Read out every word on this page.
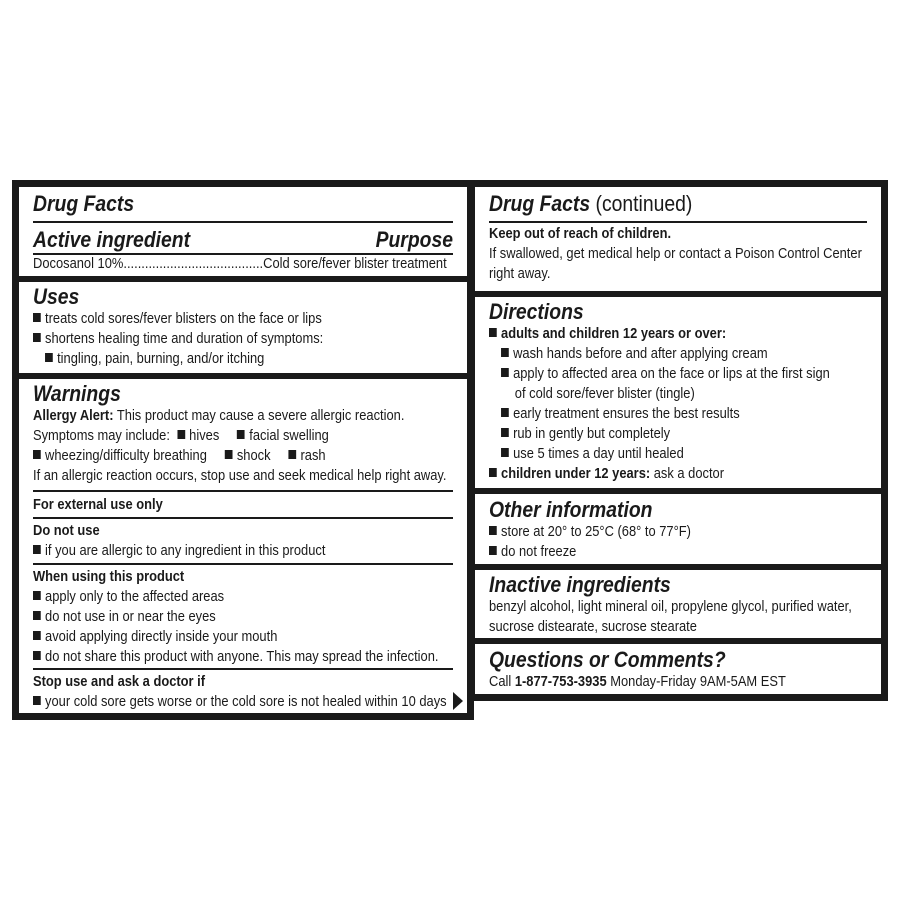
Drug Facts
Active ingredient	Purpose
Docosanol 10%.......................................Cold sore/fever blister treatment
Uses
treats cold sores/fever blisters on the face or lips
shortens healing time and duration of symptoms:
tingling, pain, burning, and/or itching
Warnings
Allergy Alert: This product may cause a severe allergic reaction.
Symptoms may include: hives facial swelling
wheezing/difficulty breathing shock rash
If an allergic reaction occurs, stop use and seek medical help right away.
For external use only
Do not use
if you are allergic to any ingredient in this product
When using this product
apply only to the affected areas
do not use in or near the eyes
avoid applying directly inside your mouth
do not share this product with anyone. This may spread the infection.
Stop use and ask a doctor if
your cold sore gets worse or the cold sore is not healed within 10 days
Drug Facts (continued)
Keep out of reach of children.
If swallowed, get medical help or contact a Poison Control Center
right away.
Directions
adults and children 12 years or over:
wash hands before and after applying cream
apply to affected area on the face or lips at the first sign
of cold sore/fever blister (tingle)
early treatment ensures the best results
rub in gently but completely
use 5 times a day until healed
children under 12 years: ask a doctor
Other information
store at 20° to 25°C (68° to 77°F)
do not freeze
Inactive ingredients
benzyl alcohol, light mineral oil, propylene glycol, purified water,
sucrose distearate, sucrose stearate
Questions or Comments?
Call 1-877-753-3935 Monday-Friday 9AM-5AM EST
